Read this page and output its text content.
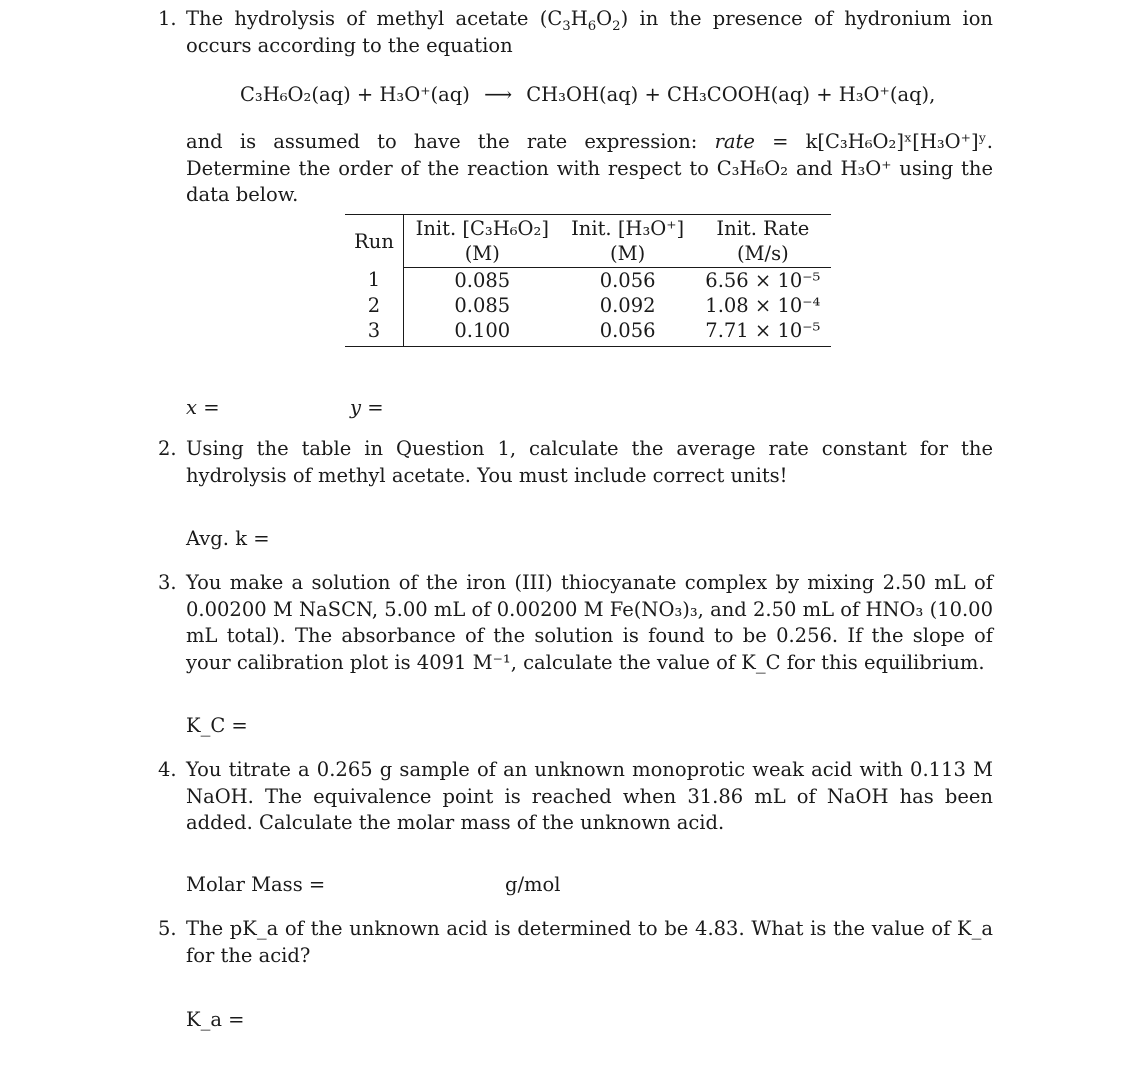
1. The hydrolysis of methyl acetate $(C_3H_6O_2)$ in the presence of hydronium ion occurs according to the equation
C₃H₆O₂(aq) + H₃O⁺(aq) ⟶ CH₃OH(aq) + CH₃COOH(aq) + H₃O⁺(aq),
and is assumed to have the rate expression: rate = k[C₃H₆O₂]ˣ[H₃O⁺]ʸ. Determine the order of the reaction with respect to C₃H₆O₂ and H₃O⁺ using the data below.
Run	Init. [C₃H₆O₂]	Init. [H₃O⁺]	Init. Rate
	(M)	(M)	(M/s)
1	0.085	0.056	6.56 × 10⁻⁵
2	0.085	0.092	1.08 × 10⁻⁴
3	0.100	0.056	7.71 × 10⁻⁵
x =	y =
2. Using the table in Question 1, calculate the average rate constant for the hydrolysis of methyl acetate. You must include correct units!
Avg. k =
3. You make a solution of the iron (III) thiocyanate complex by mixing 2.50 mL of 0.00200 M NaSCN, 5.00 mL of 0.00200 M Fe(NO₃)₃, and 2.50 mL of HNO₃ (10.00 mL total). The absorbance of the solution is found to be 0.256. If the slope of your calibration plot is 4091 M⁻¹, calculate the value of K_C for this equilibrium.
K_C =
4. You titrate a 0.265 g sample of an unknown monoprotic weak acid with 0.113 M NaOH. The equivalence point is reached when 31.86 mL of NaOH has been added. Calculate the molar mass of the unknown acid.
Molar Mass =	g/mol
5. The pK_a of the unknown acid is determined to be 4.83. What is the value of K_a for the acid?
K_a =
